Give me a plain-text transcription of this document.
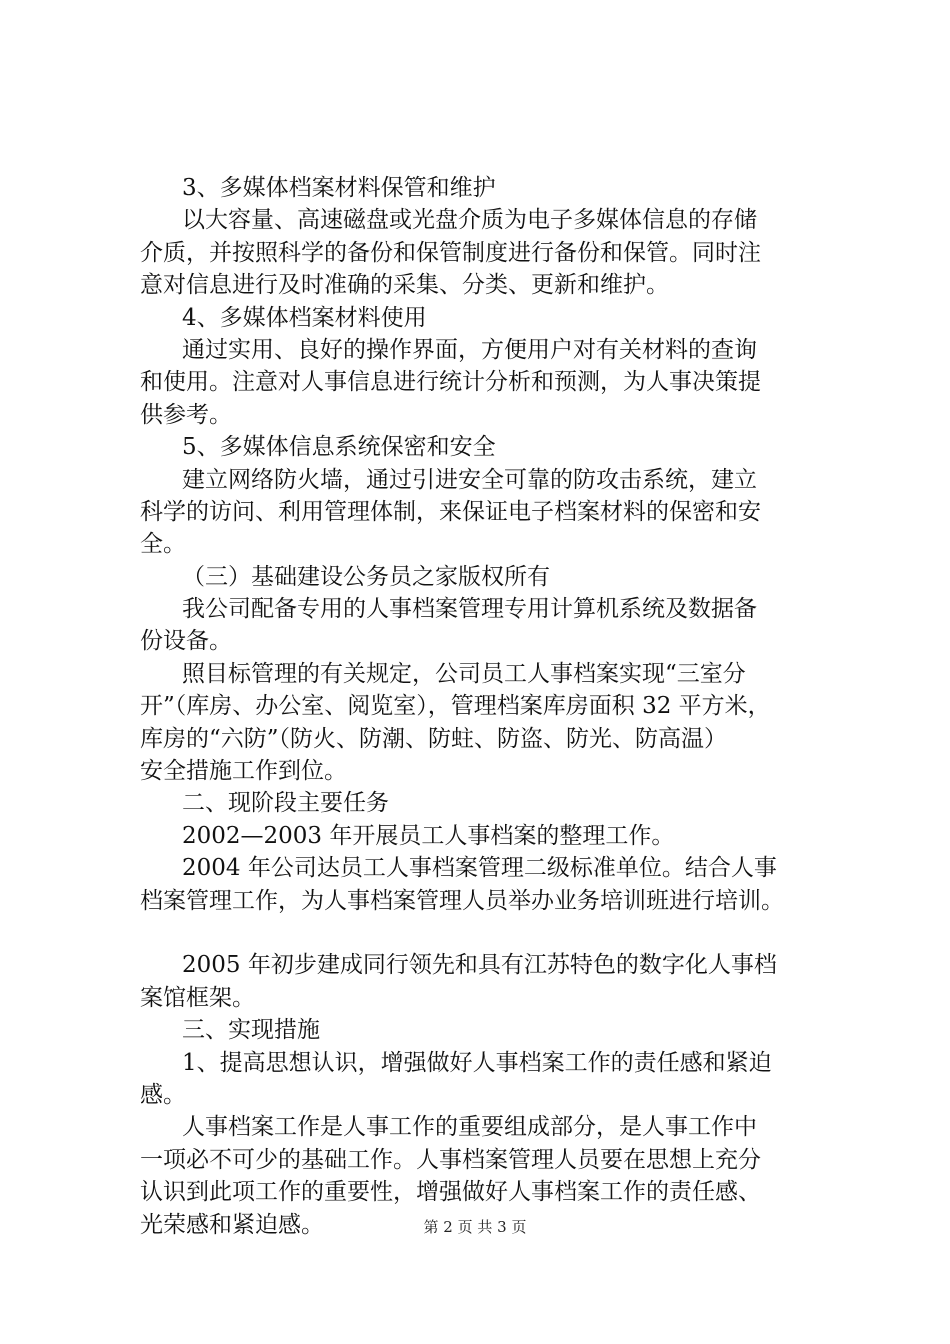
3、多媒体档案材料保管和维护
以大容量、高速磁盘或光盘介质为电子多媒体信息的存储
介质，并按照科学的备份和保管制度进行备份和保管。同时注
意对信息进行及时准确的采集、分类、更新和维护。
4、多媒体档案材料使用
通过实用、良好的操作界面，方便用户对有关材料的查询
和使用。注意对人事信息进行统计分析和预测，为人事决策提
供参考。
5、多媒体信息系统保密和安全
建立网络防火墙，通过引进安全可靠的防攻击系统，建立
科学的访问、利用管理体制，来保证电子档案材料的保密和安
全。
（三）基础建设公务员之家版权所有
我公司配备专用的人事档案管理专用计算机系统及数据备
份设备。
照目标管理的有关规定，公司员工人事档案实现“三室分
开”（库房、办公室、阅览室），管理档案库房面积 32 平方米，
库房的“六防”（防火、防潮、防蛀、防盗、防光、防高温）
安全措施工作到位。
二、现阶段主要任务
2002—2003 年开展员工人事档案的整理工作。
2004 年公司达员工人事档案管理二级标准单位。结合人事
档案管理工作，为人事档案管理人员举办业务培训班进行培训。
2005 年初步建成同行领先和具有江苏特色的数字化人事档
案馆框架。
三、实现措施
1、提高思想认识，增强做好人事档案工作的责任感和紧迫
感。
人事档案工作是人事工作的重要组成部分，是人事工作中
一项必不可少的基础工作。人事档案管理人员要在思想上充分
认识到此项工作的重要性，增强做好人事档案工作的责任感、
光荣感和紧迫感。	第 2 页 共 3 页
